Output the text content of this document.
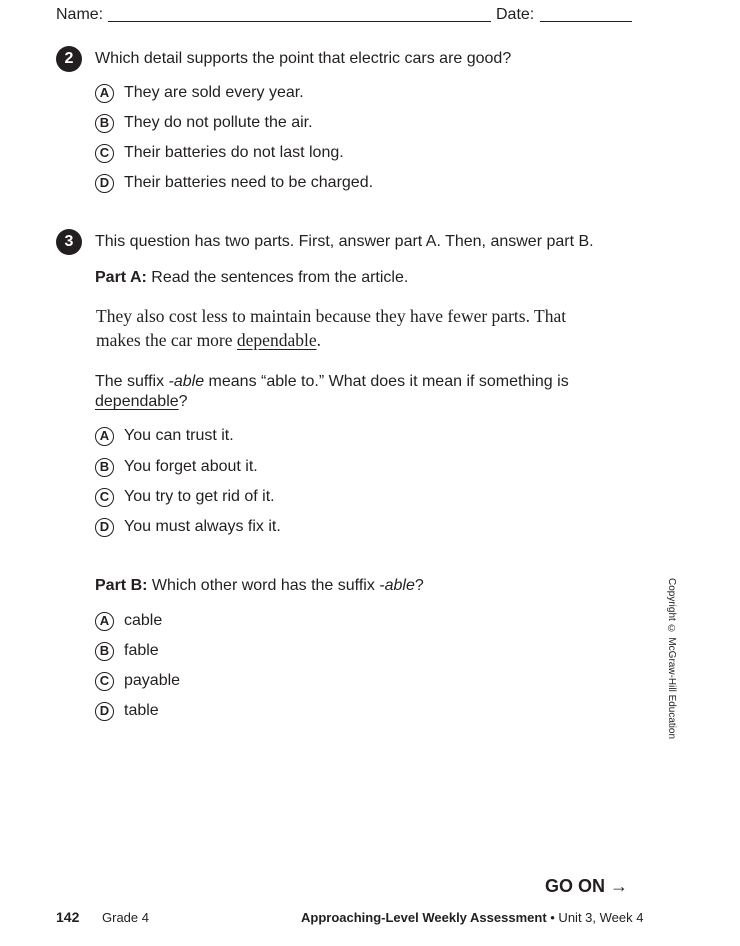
Name:	Date:
2	Which detail supports the point that electric cars are good?
A They are sold every year.
B They do not pollute the air.
C Their batteries do not last long.
D Their batteries need to be charged.
3	This question has two parts. First, answer part A. Then, answer part B.
Part A: Read the sentences from the article.
They also cost less to maintain because they have fewer parts. That
makes the car more dependable.
The suffix -able means “able to.” What does it mean if something is
dependable?
A You can trust it.
B You forget about it.
C You try to get rid of it.
D You must always fix it.
Part B: Which other word has the suffix -able?
A cable
B fable
C payable
D table	Copyright © McGraw-Hill Education
GO ON →
142 Grade 4	Approaching-Level Weekly Assessment • Unit 3, Week 4
